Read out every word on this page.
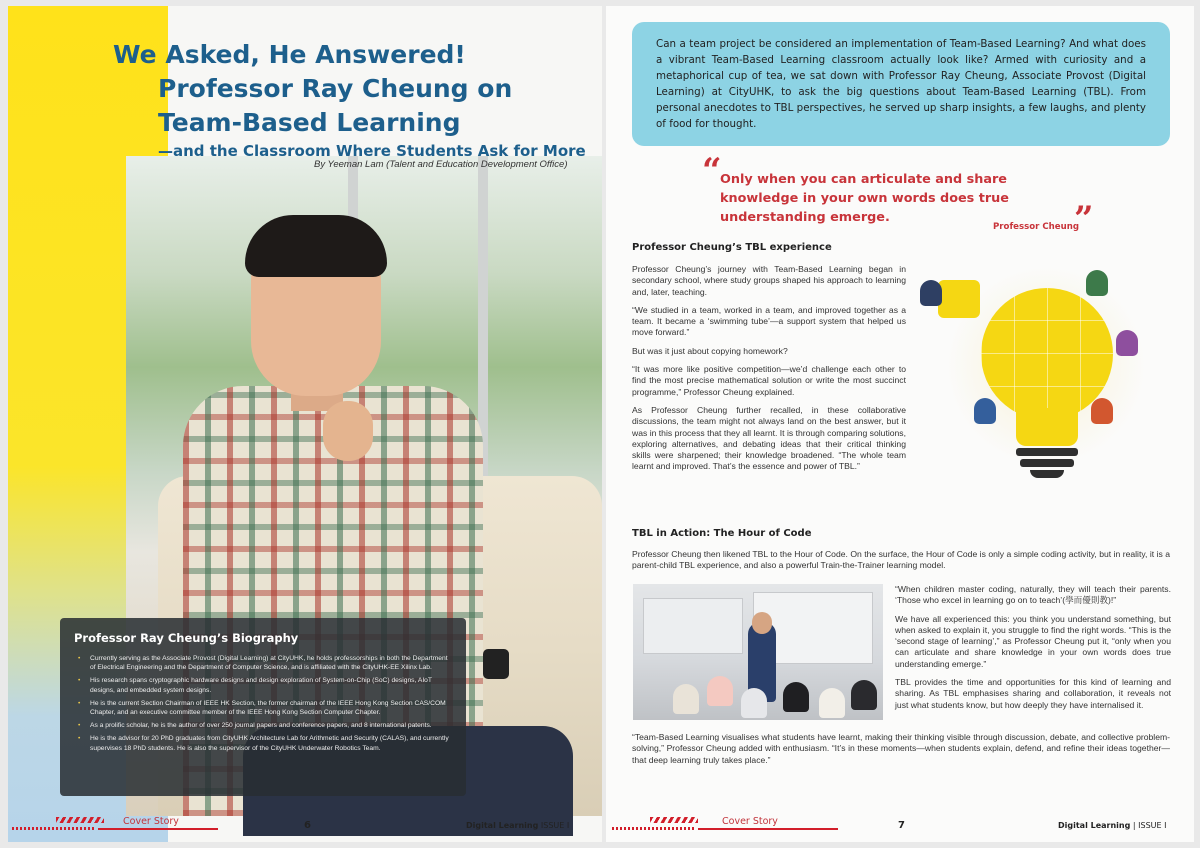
We Asked, He Answered!
Professor Ray Cheung on
Team-Based Learning
—and the Classroom Where Students Ask for More
By Yeeman Lam (Talent and Education Development Office)
Professor Ray Cheung’s Biography
• Currently serving as the Associate Provost (Digital Learning) at CityUHK, he holds professorships in both the Department of Electrical Engineering and the Department of Computer Science, and is affiliated with the CityUHK-EE Xilinx Lab.
• His research spans cryptographic hardware designs and design exploration of System-on-Chip (SoC) designs, AIoT designs, and embedded system designs.
• He is the current Section Chairman of IEEE HK Section, the former chairman of the IEEE Hong Kong Section CAS/COM Chapter, and an executive committee member of the IEEE Hong Kong Section Computer Chapter.
• As a prolific scholar, he is the author of over 250 journal papers and conference papers, and 8 international patents.
• He is the advisor for 20 PhD graduates from CityUHK Architecture Lab for Arithmetic and Security (CALAS), and currently supervises 18 PhD students. He is also the supervisor of the CityUHK Underwater Robotics Team.
Cover Story	6	Digital Learning ISSUE I
Can a team project be considered an implementation of Team-Based Learning? And what does a vibrant Team-Based Learning classroom actually look like? Armed with curiosity and a metaphorical cup of tea, we sat down with Professor Ray Cheung, Associate Provost (Digital Learning) at CityUHK, to ask the big questions about Team-Based Learning (TBL). From personal anecdotes to TBL perspectives, he served up sharp insights, a few laughs, and plenty of food for thought.
“
Only when you can articulate and share knowledge in your own words does true understanding emerge.	”
Professor Cheung
Professor Cheung’s TBL experience

Professor Cheung’s journey with Team-Based Learning began in secondary school, where study groups shaped his approach to learning and, later, teaching.

“We studied in a team, worked in a team, and improved together as a team. It became a ‘swimming tube’—a support system that helped us move forward.”

But was it just about copying homework?

“It was more like positive competition—we’d challenge each other to find the most precise mathematical solution or write the most succinct programme,” Professor Cheung explained.

As Professor Cheung further recalled, in these collaborative discussions, the team might not always land on the best answer, but it was in this process that they all learnt. It is through comparing solutions, exploring alternatives, and debating ideas that their critical thinking skills were sharpened; their knowledge broadened. “The whole team learnt and improved. That’s the essence and power of TBL.”

TBL in Action: The Hour of Code
Professor Cheung then likened TBL to the Hour of Code. On the surface, the Hour of Code is only a simple coding activity, but in reality, it is a parent-child TBL experience, and also a powerful Train-the-Trainer learning model.

“When children master coding, naturally, they will teach their parents. ‘Those who excel in learning go on to teach’(學而優則教)!”

We have all experienced this: you think you understand something, but when asked to explain it, you struggle to find the right words. “This is the ‘second stage of learning’,” as Professor Cheung put it, “only when you can articulate and share knowledge in your own words does true understanding emerge.”

TBL provides the time and opportunities for this kind of learning and sharing. As TBL emphasises sharing and collaboration, it reveals not just what students know, but how deeply they have internalised it.

“Team-Based Learning visualises what students have learnt, making their thinking visible through discussion, debate, and collective problem-solving,” Professor Cheung added with enthusiasm. “It’s in these moments—when students explain, defend, and refine their ideas together—that deep learning truly takes place.”
Cover Story	7	Digital Learning | ISSUE I
